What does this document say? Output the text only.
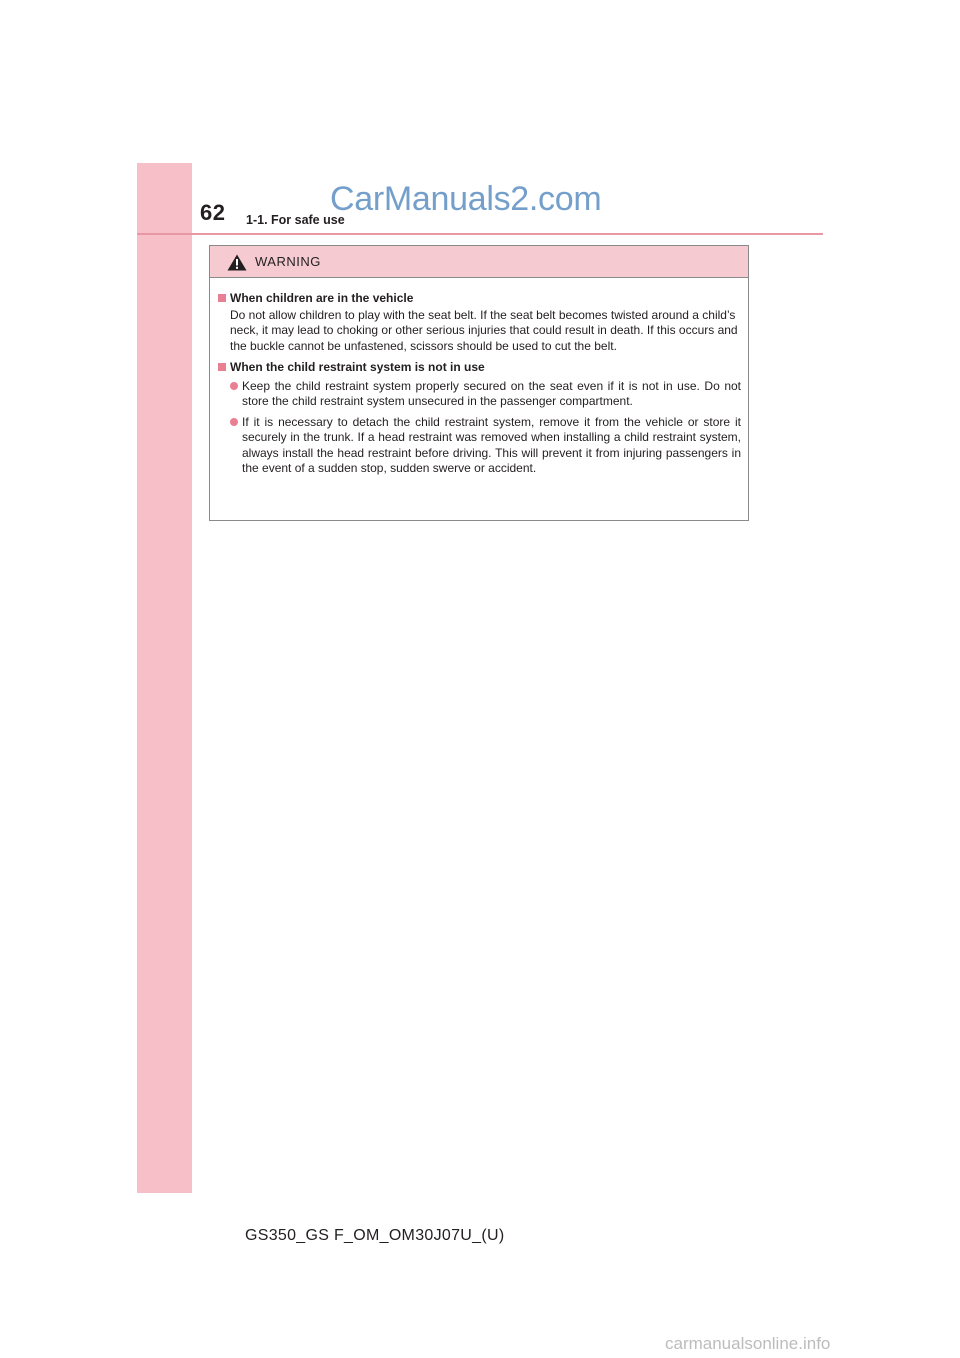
62 1-1. For safe use
CarManuals2.com
WARNING
When children are in the vehicle
Do not allow children to play with the seat belt. If the seat belt becomes twisted around a child’s neck, it may lead to choking or other serious injuries that could result in death. If this occurs and the buckle cannot be unfastened, scissors should be used to cut the belt.
When the child restraint system is not in use
Keep the child restraint system properly secured on the seat even if it is not in use. Do not store the child restraint system unsecured in the passenger compartment.
If it is necessary to detach the child restraint system, remove it from the vehicle or store it securely in the trunk. If a head restraint was removed when installing a child restraint system, always install the head restraint before driving. This will prevent it from injuring passengers in the event of a sudden stop, sudden swerve or accident.
GS350_GS F_OM_OM30J07U_(U)
carmanualsonline.info
